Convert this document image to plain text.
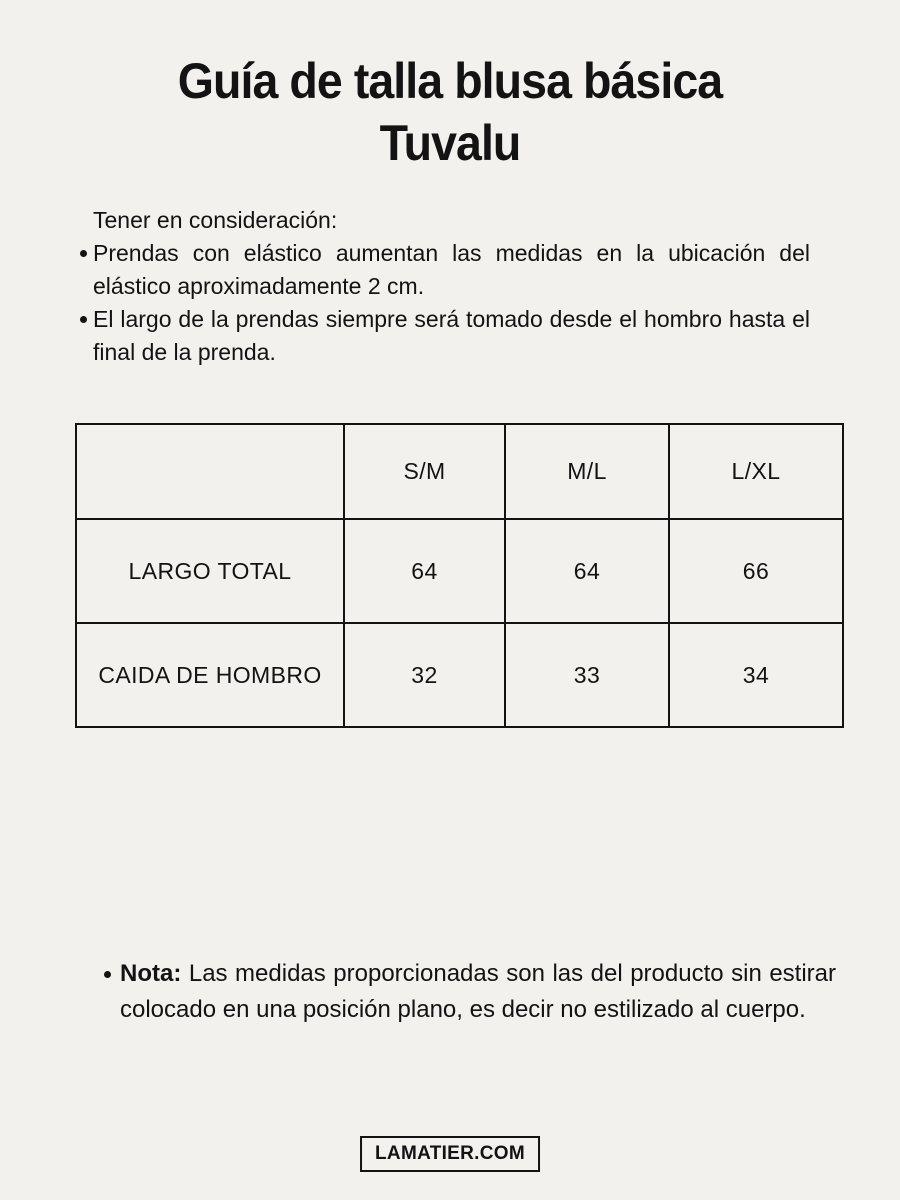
Guía de talla blusa básica
Tuvalu

Tener en consideración:

Prendas con elástico aumentan las medidas en la ubicación del elástico aproximadamente 2 cm.

El largo de la prendas siempre será tomado desde el hombro hasta el final de la prenda.

	S/M	M/L	L/XL
LARGO TOTAL	64	64	66
CAIDA DE HOMBRO	32	33	34

Nota: Las medidas proporcionadas son las del producto sin estirar colocado en una posición plano, es decir no estilizado al cuerpo.

LAMATIER.COM
